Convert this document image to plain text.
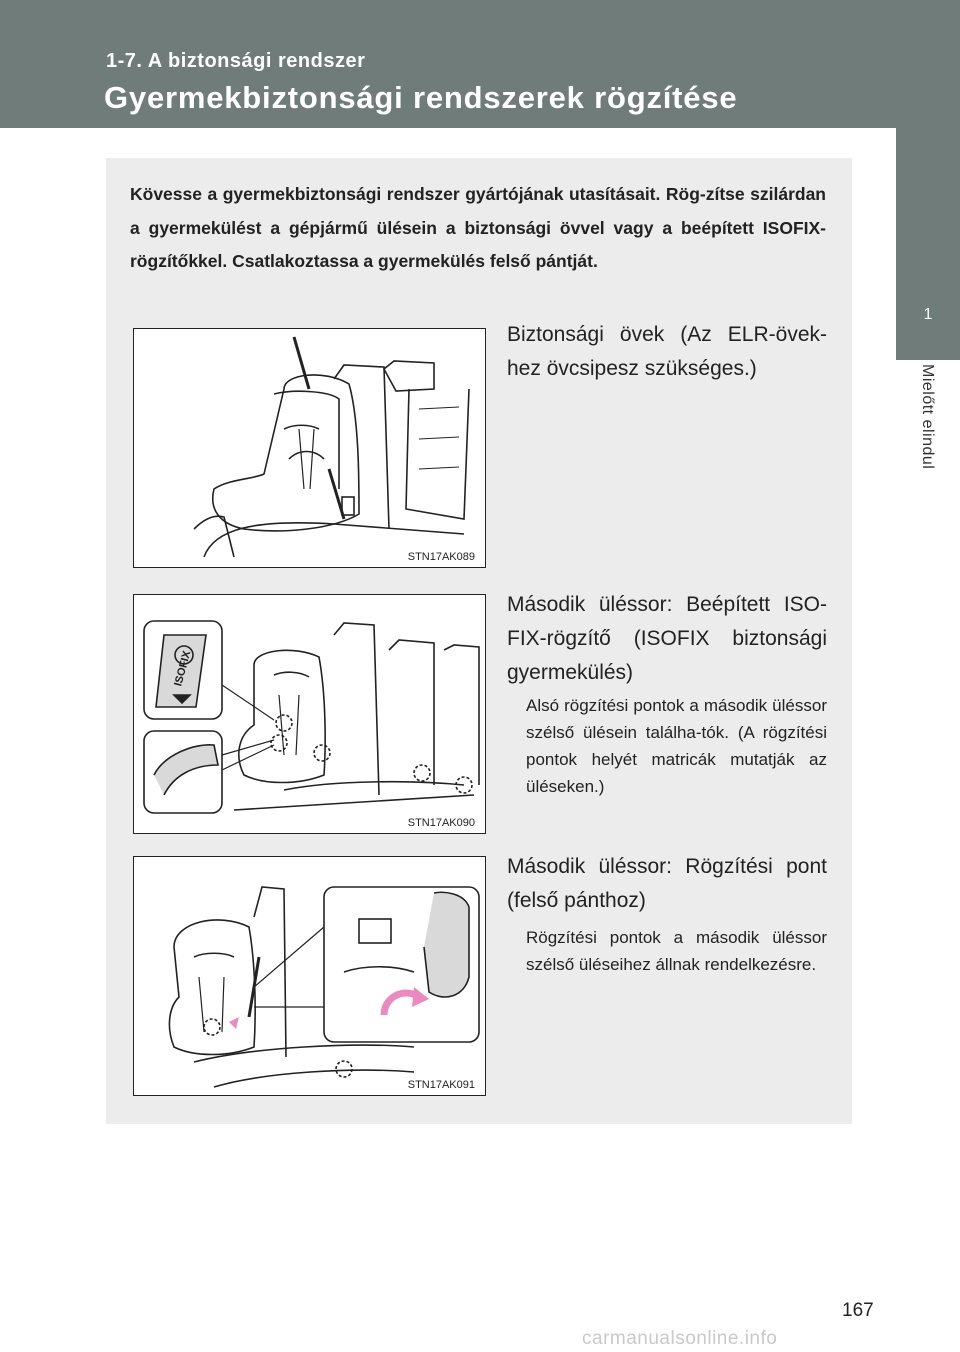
1-7. A biztonsági rendszer
Gyermekbiztonsági rendszerek rögzítése
1
Mielőtt elindul
Kövesse a gyermekbiztonsági rendszer gyártójának utasításait. Rög-zítse szilárdan a gyermekülést a gépjármű ülésein a biztonsági övvel vagy a beépített ISOFIX-rögzítőkkel. Csatlakoztassa a gyermekülés felső pántját.
STN17AK089
Biztonsági övek (Az ELR-övek-hez övcsipesz szükséges.)
ISOFIX
STN17AK090
Második üléssor: Beépített ISO-FIX-rögzítő (ISOFIX biztonsági gyermekülés)
Alsó rögzítési pontok a második üléssor szélső ülésein találha-tók. (A rögzítési pontok helyét matricák mutatják az üléseken.)
STN17AK091
Második üléssor: Rögzítési pont (felső pánthoz)
Rögzítési pontok a második üléssor szélső üléseihez állnak rendelkezésre.
167
carmanualsonline.info
